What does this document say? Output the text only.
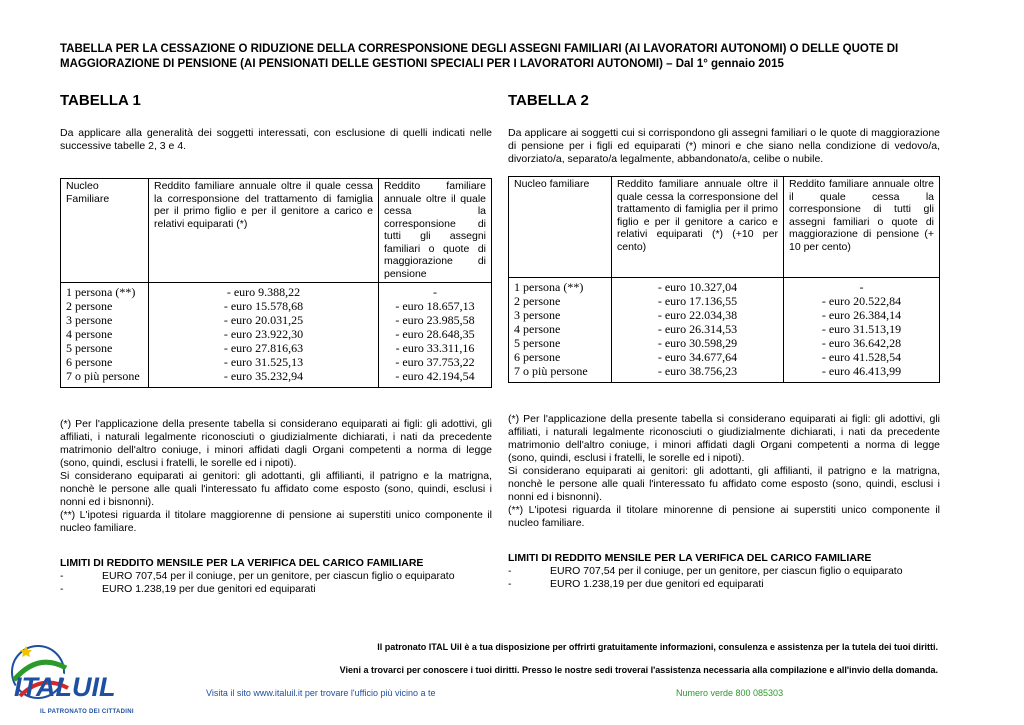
TABELLA PER LA CESSAZIONE O RIDUZIONE DELLA CORRESPONSIONE DEGLI ASSEGNI FAMILIARI (AI LAVORATORI AUTONOMI) O DELLE QUOTE DI MAGGIORAZIONE DI PENSIONE (AI PENSIONATI DELLE GESTIONI SPECIALI PER I LAVORATORI AUTONOMI) – Dal 1° gennaio 2015
TABELLA 1
Da applicare alla generalità dei soggetti interessati, con esclusione di quelli indicati nelle successive tabelle 2, 3 e 4.
Nucleo Familiare	Reddito familiare annuale oltre il quale cessa la corresponsione del trattamento di famiglia per il primo figlio e per il genitore a carico e relativi equiparati (*)	Reddito familiare annuale oltre il quale cessa la corresponsione di tutti gli assegni familiari o quote di maggiorazione di pensione
1 persona (**)	- euro 9.388,22	-
2 persone	- euro 15.578,68	- euro 18.657,13
3 persone	- euro 20.031,25	- euro 23.985,58
4 persone	- euro 23.922,30	- euro 28.648,35
5 persone	- euro 27.816,63	- euro 33.311,16
6 persone	- euro 31.525,13	- euro 37.753,22
7 o più persone	- euro 35.232,94	- euro 42.194,54

(*) Per l'applicazione della presente tabella si considerano equiparati ai figli: gli adottivi, gli affiliati, i naturali legalmente riconosciuti o giudizialmente dichiarati, i nati da precedente matrimonio dell'altro coniuge, i minori affidati dagli Organi competenti a norma di legge (sono, quindi, esclusi i fratelli, le sorelle ed i nipoti).

Si considerano equiparati ai genitori: gli adottanti, gli affilianti, il patrigno e la matrigna, nonchè le persone alle quali l'interessato fu affidato come esposto (sono, quindi, esclusi i nonni ed i bisnonni).

(**) L'ipotesi riguarda il titolare maggiorenne di pensione ai superstiti unico componente il nucleo familiare.

LIMITI DI REDDITO MENSILE PER LA VERIFICA DEL CARICO FAMILIARE
-	EURO 707,54 per il coniuge, per un genitore, per ciascun figlio o equiparato
-	EURO 1.238,19 per due genitori ed equiparati
TABELLA 2
Da applicare ai soggetti cui si corrispondono gli assegni familiari o le quote di maggiorazione di pensione per i figli ed equiparati (*) minori e che siano nella condizione di vedovo/a, divorziato/a, separato/a legalmente, abbandonato/a, celibe o nubile.
Nucleo familiare	Reddito familiare annuale oltre il quale cessa la corresponsione del trattamento di famiglia per il primo figlio e per il genitore a carico e relativi equiparati (*) (+10 per cento)	Reddito familiare annuale oltre il quale cessa la corresponsione di tutti gli assegni familiari o quote di maggiorazione di pensione (+ 10 per cento)
1 persona (**)	- euro 10.327,04	-
2 persone	- euro 17.136,55	- euro 20.522,84
3 persone	- euro 22.034,38	- euro 26.384,14
4 persone	- euro 26.314,53	- euro 31.513,19
5 persone	- euro 30.598,29	- euro 36.642,28
6 persone	- euro 34.677,64	- euro 41.528,54
7 o più persone	- euro 38.756,23	- euro 46.413,99

(*) Per l'applicazione della presente tabella si considerano equiparati ai figli: gli adottivi, gli affiliati, i naturali legalmente riconosciuti o giudizialmente dichiarati, i nati da precedente matrimonio dell'altro coniuge, i minori affidati dagli Organi competenti a norma di legge (sono, quindi, esclusi i fratelli, le sorelle ed i nipoti).

Si considerano equiparati ai genitori: gli adottanti, gli affilianti, il patrigno e la matrigna, nonchè le persone alle quali l'interessato fu affidato come esposto (sono, quindi, esclusi i nonni ed i bisnonni).

(**) L'ipotesi riguarda il titolare minorenne di pensione ai superstiti unico componente il nucleo familiare.

LIMITI DI REDDITO MENSILE PER LA VERIFICA DEL CARICO FAMILIARE
-	EURO 707,54 per il coniuge, per un genitore, per ciascun figlio o equiparato
-	EURO 1.238,19 per due genitori ed equiparati
ITALUIL
IL PATRONATO DEI CITTADINI
Il patronato ITAL Uil è a tua disposizione per offrirti gratuitamente informazioni, consulenza e assistenza per la tutela dei tuoi diritti.
Vieni a trovarci per conoscere i tuoi diritti. Presso le nostre sedi troverai l'assistenza necessaria alla compilazione e all'invio della domanda.
Visita il sito www.italuil.it per trovare l'ufficio più vicino a te	Numero verde 800 085303
